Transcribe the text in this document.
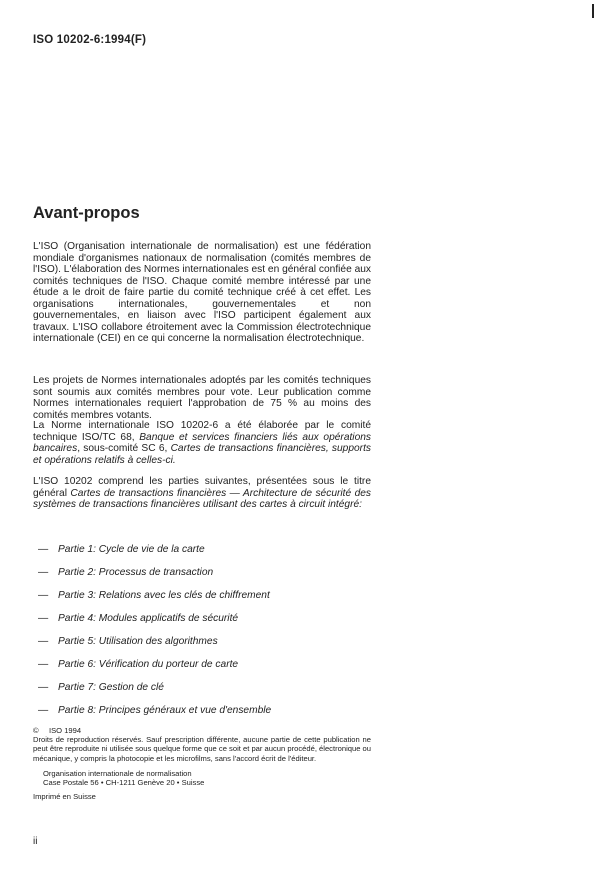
ISO 10202-6:1994(F)
Avant-propos

L'ISO (Organisation internationale de normalisation) est une fédération mondiale d'organismes nationaux de normalisation (comités membres de l'ISO). L'élaboration des Normes internationales est en général confiée aux comités techniques de l'ISO. Chaque comité membre intéressé par une étude a le droit de faire partie du comité technique créé à cet effet. Les organisations internationales, gouvernementales et non gouvernementales, en liaison avec l'ISO participent également aux travaux. L'ISO collabore étroitement avec la Commission électrotechnique internationale (CEI) en ce qui concerne la normalisation électrotechnique.

Les projets de Normes internationales adoptés par les comités techniques sont soumis aux comités membres pour vote. Leur publication comme Normes internationales requiert l'approbation de 75 % au moins des comités membres votants.

La Norme internationale ISO 10202-6 a été élaborée par le comité technique ISO/TC 68, Banque et services financiers liés aux opérations bancaires, sous-comité SC 6, Cartes de transactions financières, supports et opérations relatifs à celles-ci.

L'ISO 10202 comprend les parties suivantes, présentées sous le titre général Cartes de transactions financières — Architecture de sécurité des systèmes de transactions financières utilisant des cartes à circuit intégré:

— Partie 1: Cycle de vie de la carte
— Partie 2: Processus de transaction
— Partie 3: Relations avec les clés de chiffrement
— Partie 4: Modules applicatifs de sécurité
— Partie 5: Utilisation des algorithmes
— Partie 6: Vérification du porteur de carte
— Partie 7: Gestion de clé
— Partie 8: Principes généraux et vue d'ensemble
© ISO 1994
Droits de reproduction réservés. Sauf prescription différente, aucune partie de cette publication ne peut être reproduite ni utilisée sous quelque forme que ce soit et par aucun procédé, électronique ou mécanique, y compris la photocopie et les microfilms, sans l'accord écrit de l'éditeur.
Organisation internationale de normalisation
Case Postale 56 • CH-1211 Genève 20 • Suisse
Imprimé en Suisse
ii
